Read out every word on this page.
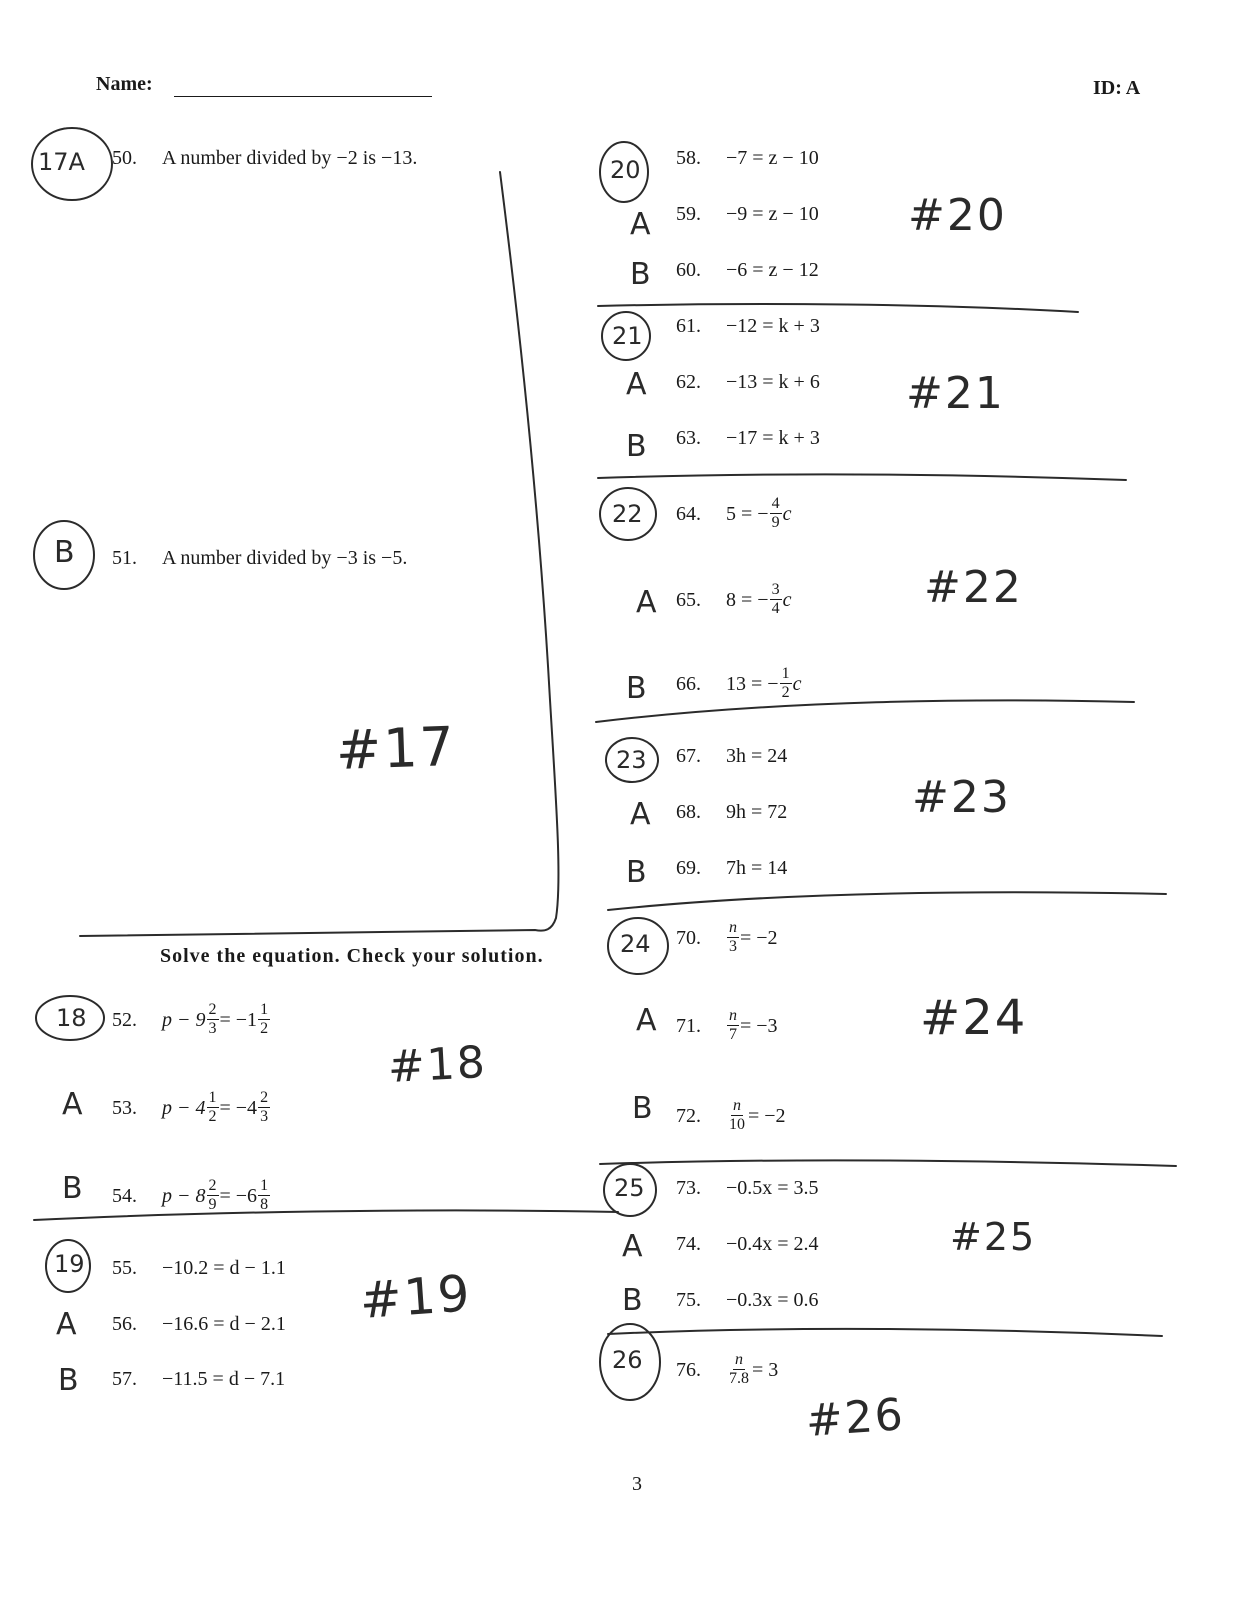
Name:	ID: A
50.	A number divided by −2 is −13.
51.	A number divided by −3 is −5.
Solve the equation. Check your solution.
52.	$p - 9 \frac{2}{3} = -1 \frac{1}{2}$
53.	$p - 4 \frac{1}{2} = -4 \frac{2}{3}$
54.	$p - 8 \frac{2}{9} = -6 \frac{1}{8}$
55.	−10.2 = d − 1.1
56.	−16.6 = d − 2.1
57.	−11.5 = d − 7.1
58.	−7 = z − 10
59.	−9 = z − 10
60.	−6 = z − 12
61.	−12 = k + 3
62.	−13 = k + 6
63.	−17 = k + 3
64.	5 = − $\frac{4}{9}$ c
65.	8 = − $\frac{3}{4}$ c
66.	13 = − $\frac{1}{2}$ c
67.	3h = 24
68.	9h = 72
69.	7h = 14
70.	$\frac{n}{3} = -2$
71.	$\frac{n}{7} = -3$
72.	$\frac{n}{10} = -2$
73.	−0.5x = 3.5
74.	−0.4x = 2.4
75.	−0.3x = 0.6
76.	$\frac{n}{7.8} = 3$
17A
B
18
A
B
19
A
B
20
A
B
21
A
B
22
A
B
23
A
B
24
A
B
25
A
B
26
#17
#18
#19
#20
#21
#22
#23
#24
#25
#26
3
